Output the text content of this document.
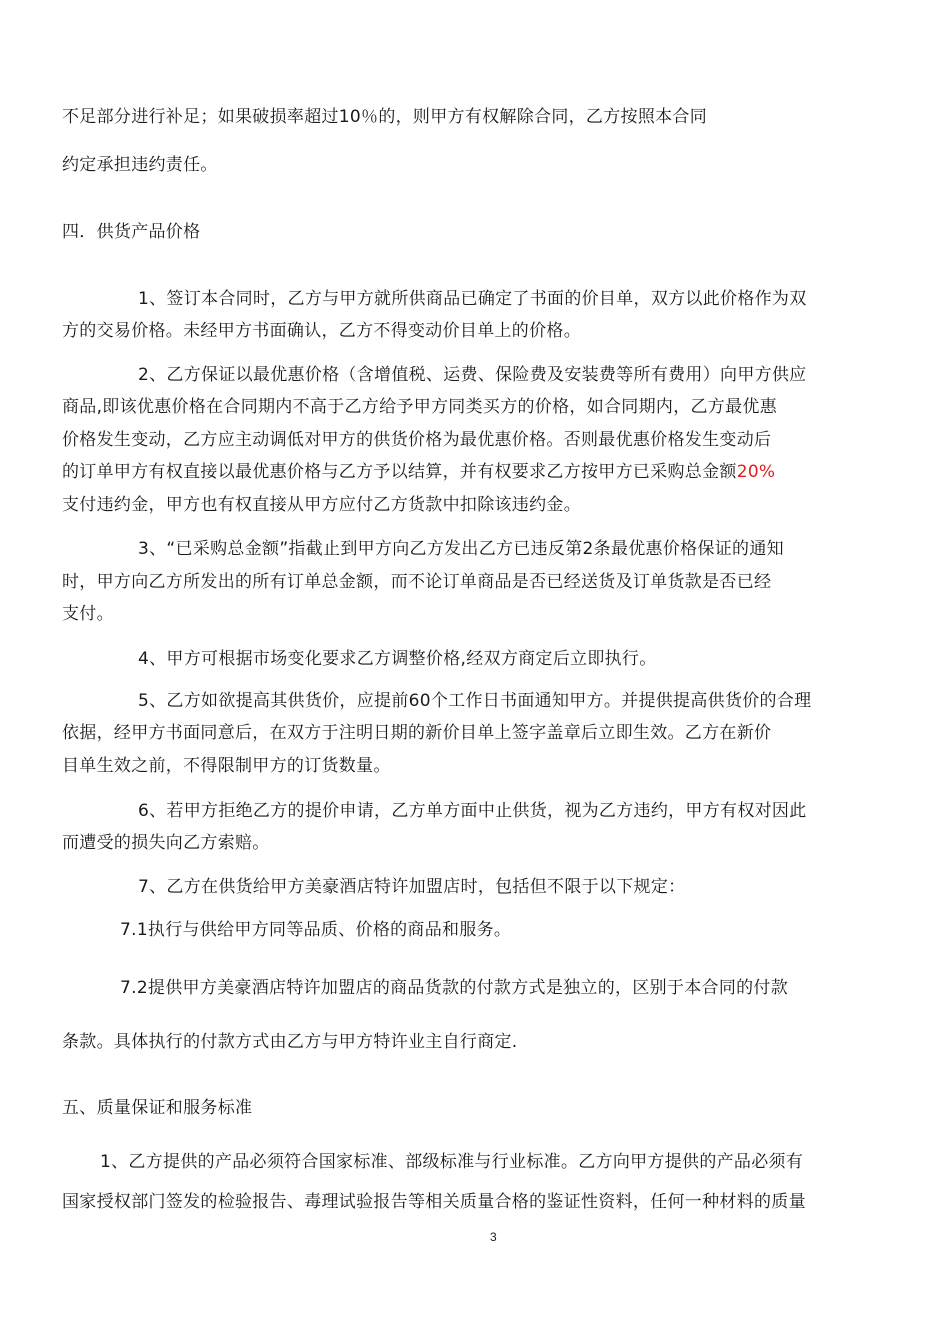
不足部分进行补足；如果破损率超过10％的，则甲方有权解除合同，乙方按照本合同
约定承担违约责任。
四．供货产品价格
1、签订本合同时，乙方与甲方就所供商品已确定了书面的价目单，双方以此价格作为双
方的交易价格。未经甲方书面确认，乙方不得变动价目单上的价格。
2、乙方保证以最优惠价格（含增值税、运费、保险费及安装费等所有费用）向甲方供应
商品,即该优惠价格在合同期内不高于乙方给予甲方同类买方的价格，如合同期内，乙方最优惠
价格发生变动，乙方应主动调低对甲方的供货价格为最优惠价格。否则最优惠价格发生变动后
的订单甲方有权直接以最优惠价格与乙方予以结算，并有权要求乙方按甲方已采购总金额20%
支付违约金，甲方也有权直接从甲方应付乙方货款中扣除该违约金。
3、“已采购总金额”指截止到甲方向乙方发出乙方已违反第2条最优惠价格保证的通知
时，甲方向乙方所发出的所有订单总金额，而不论订单商品是否已经送货及订单货款是否已经
支付。
4、甲方可根据市场变化要求乙方调整价格,经双方商定后立即执行。
5、乙方如欲提高其供货价，应提前60个工作日书面通知甲方。并提供提高供货价的合理
依据，经甲方书面同意后，在双方于注明日期的新价目单上签字盖章后立即生效。乙方在新价
目单生效之前，不得限制甲方的订货数量。
6、若甲方拒绝乙方的提价申请，乙方单方面中止供货，视为乙方违约，甲方有权对因此
而遭受的损失向乙方索赔。
7、乙方在供货给甲方美豪酒店特许加盟店时，包括但不限于以下规定：
7.1执行与供给甲方同等品质、价格的商品和服务。
7.2提供甲方美豪酒店特许加盟店的商品货款的付款方式是独立的，区别于本合同的付款
条款。具体执行的付款方式由乙方与甲方特许业主自行商定.
五、质量保证和服务标准
1、乙方提供的产品必须符合国家标准、部级标准与行业标准。乙方向甲方提供的产品必须有
国家授权部门签发的检验报告、毒理试验报告等相关质量合格的鉴证性资料，任何一种材料的质量
3
